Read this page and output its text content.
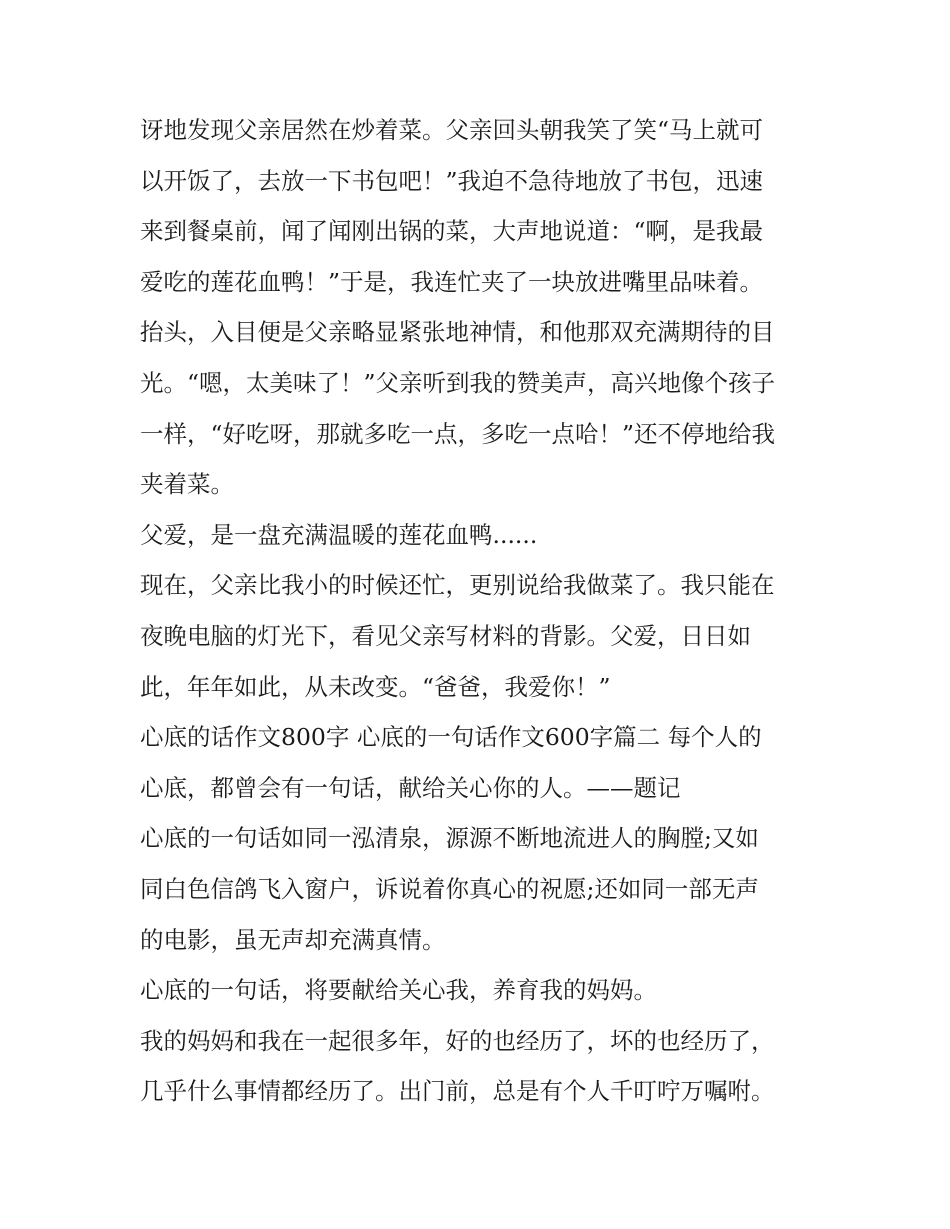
讶地发现父亲居然在炒着菜。父亲回头朝我笑了笑“马上就可
以开饭了，去放一下书包吧！”我迫不急待地放了书包，迅速
来到餐桌前，闻了闻刚出锅的菜，大声地说道：“啊，是我最
爱吃的莲花血鸭！”于是，我连忙夹了一块放进嘴里品味着。
抬头，入目便是父亲略显紧张地神情，和他那双充满期待的目
光。“嗯，太美味了！”父亲听到我的赞美声，高兴地像个孩子
一样，“好吃呀，那就多吃一点，多吃一点哈！”还不停地给我
夹着菜。
父爱，是一盘充满温暖的莲花血鸭......
现在，父亲比我小的时候还忙，更别说给我做菜了。我只能在
夜晚电脑的灯光下，看见父亲写材料的背影。父爱，日日如
此，年年如此，从未改变。“爸爸，我爱你！”
心底的话作文800字 心底的一句话作文600字篇二 每个人的
心底，都曾会有一句话，献给关心你的人。——题记
心底的一句话如同一泓清泉，源源不断地流进人的胸膛;又如
同白色信鸽飞入窗户，诉说着你真心的祝愿;还如同一部无声
的电影，虽无声却充满真情。
心底的一句话，将要献给关心我，养育我的妈妈。
我的妈妈和我在一起很多年，好的也经历了，坏的也经历了，
几乎什么事情都经历了。出门前，总是有个人千叮咛万嘱咐。
